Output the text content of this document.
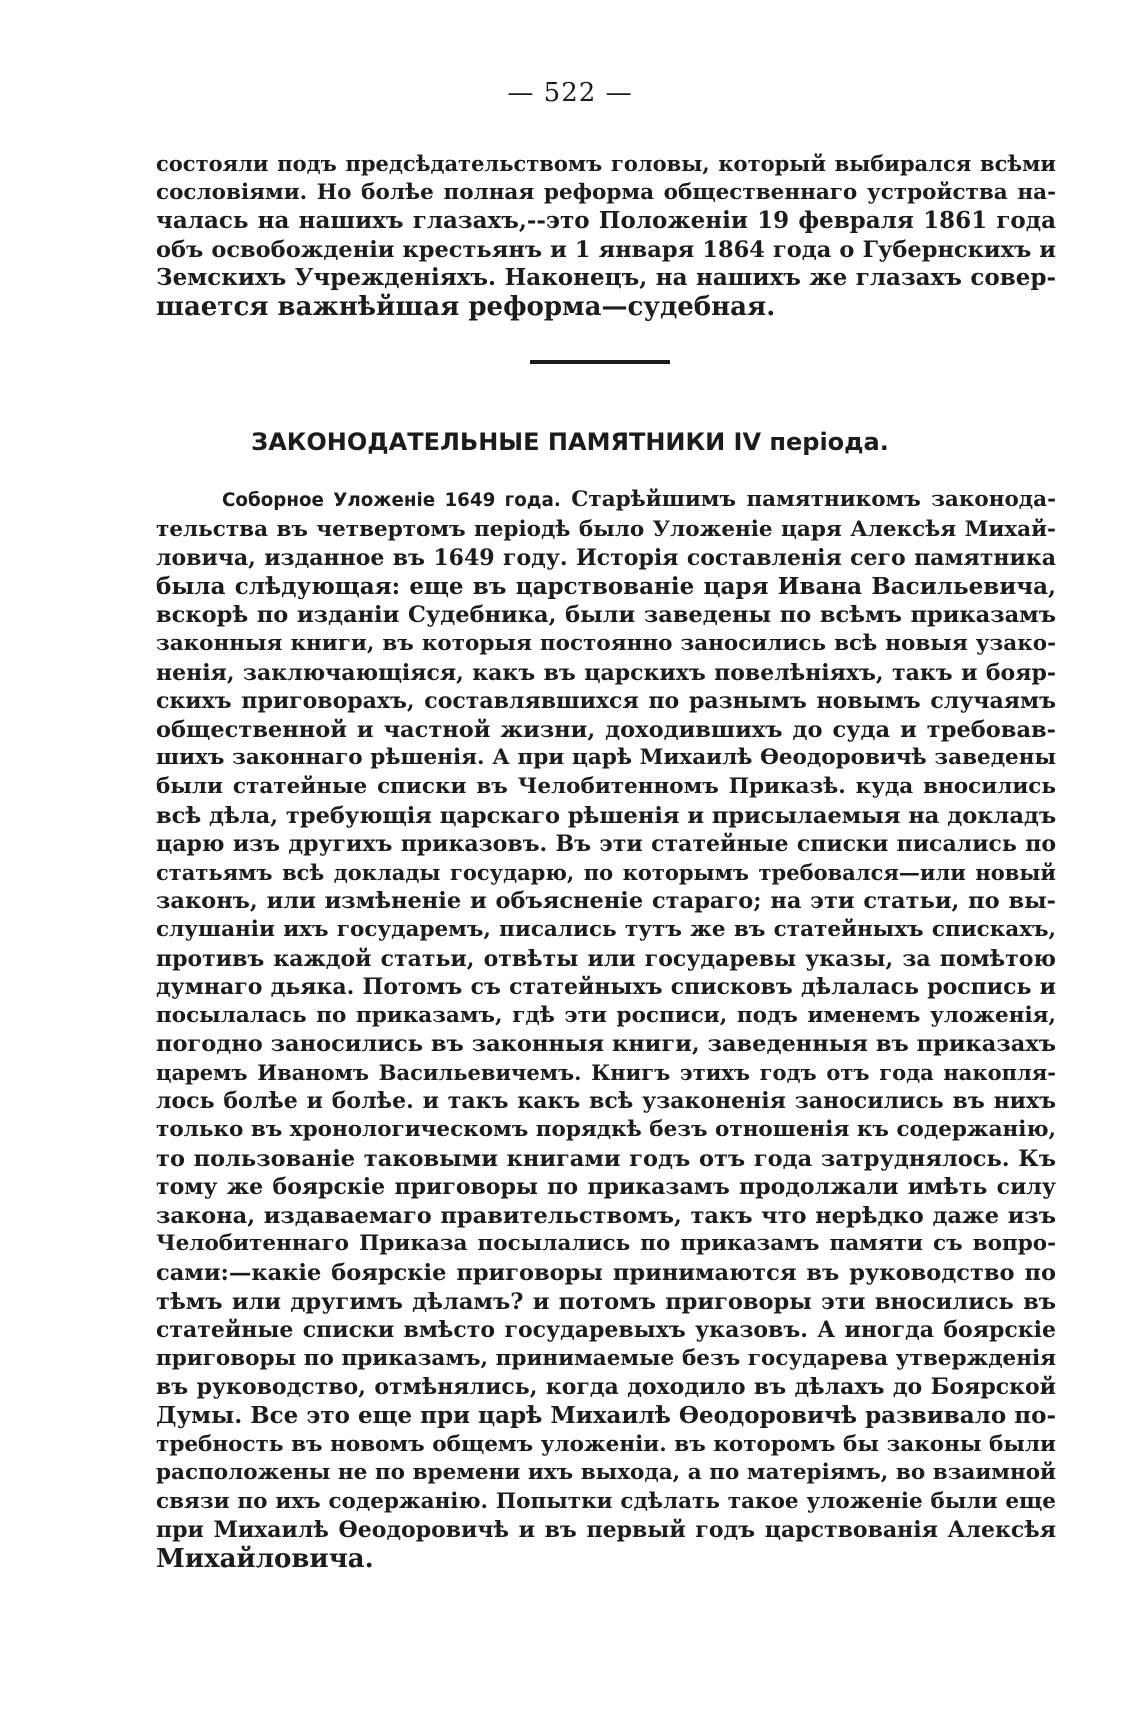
— 522 —
состояли подъ предсѣдательствомъ головы, который выбирался всѣми
сословіями. Но болѣе полная реформа общественнаго устройства на-
чалась на нашихъ глазахъ,--это Положеніи 19 февраля 1861 года
объ освобожденіи крестьянъ и 1 января 1864 года о Губернскихъ и
Земскихъ Учрежденіяхъ. Наконецъ, на нашихъ же глазахъ совер-
шается важнѣйшая реформа—судебная.
ЗАКОНОДАТЕЛЬНЫЕ ПАМЯТНИКИ IV періода.
Соборное Уложеніе 1649 года. Старѣйшимъ памятникомъ законода-
тельства въ четвертомъ періодѣ было Уложеніе царя Алексѣя Михай-
ловича, изданное въ 1649 году. Исторія составленія сего памятника
была слѣдующая: еще въ царствованіе царя Ивана Васильевича,
вскорѣ по изданіи Судебника, были заведены по всѣмъ приказамъ
законныя книги, въ которыя постоянно заносились всѣ новыя узако-
ненія, заключающіяся, какъ въ царскихъ повелѣніяхъ, такъ и бояр-
скихъ приговорахъ, составлявшихся по разнымъ новымъ случаямъ
общественной и частной жизни, доходившихъ до суда и требовав-
шихъ законнаго рѣшенія. А при царѣ Михаилѣ Ѳеодоровичѣ заведены
были статейные списки въ Челобитенномъ Приказѣ. куда вносились
всѣ дѣла, требующія царскаго рѣшенія и присылаемыя на докладъ
царю изъ другихъ приказовъ. Въ эти статейные списки писались по
статьямъ всѣ доклады государю, по которымъ требовался—или новый
законъ, или измѣненіе и объясненіе стараго; на эти статьи, по вы-
слушаніи ихъ государемъ, писались тутъ же въ статейныхъ спискахъ,
противъ каждой статьи, отвѣты или государевы указы, за помѣтою
думнаго дьяка. Потомъ съ статейныхъ списковъ дѣлалась роспись и
посылалась по приказамъ, гдѣ эти росписи, подъ именемъ уложенія,
погодно заносились въ законныя книги, заведенныя въ приказахъ
царемъ Иваномъ Васильевичемъ. Книгъ этихъ годъ отъ года накопля-
лось болѣе и болѣе. и такъ какъ всѣ узаконенія заносились въ нихъ
только въ хронологическомъ порядкѣ безъ отношенія къ содержанію,
то пользованіе таковыми книгами годъ отъ года затруднялось. Къ
тому же боярскіе приговоры по приказамъ продолжали имѣть силу
закона, издаваемаго правительствомъ, такъ что нерѣдко даже изъ
Челобитеннаго Приказа посылались по приказамъ памяти съ вопро-
сами:—какіе боярскіе приговоры принимаются въ руководство по
тѣмъ или другимъ дѣламъ? и потомъ приговоры эти вносились въ
статейные списки вмѣсто государевыхъ указовъ. А иногда боярскіе
приговоры по приказамъ, принимаемые безъ государева утвержденія
въ руководство, отмѣнялись, когда доходило въ дѣлахъ до Боярской
Думы. Все это еще при царѣ Михаилѣ Ѳеодоровичѣ развивало по-
требность въ новомъ общемъ уложеніи. въ которомъ бы законы были
расположены не по времени ихъ выхода, а по матеріямъ, во взаимной
связи по ихъ содержанію. Попытки сдѣлать такое уложеніе были еще
при Михаилѣ Ѳеодоровичѣ и въ первый годъ царствованія Алексѣя
Михайловича.
